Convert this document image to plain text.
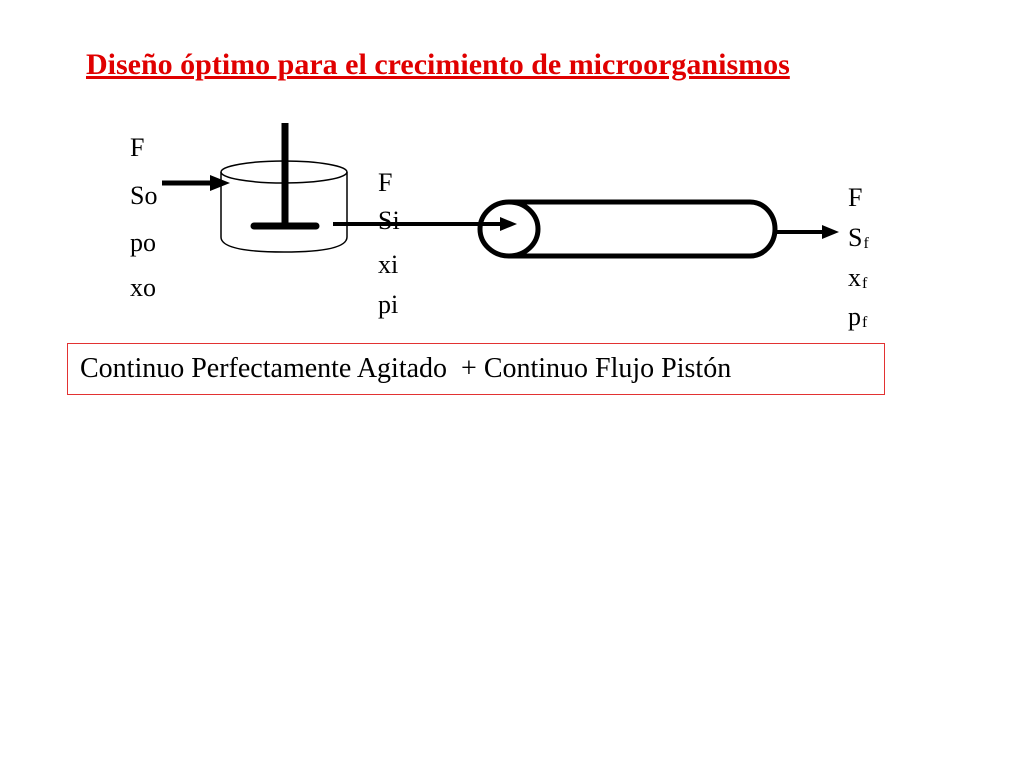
Diseño óptimo para el crecimiento de microorganismos
F
So
po
xo
F
Si
xi
pi
F
Sf
xf
pf
Continuo Perfectamente Agitado  + Continuo Flujo Pistón
